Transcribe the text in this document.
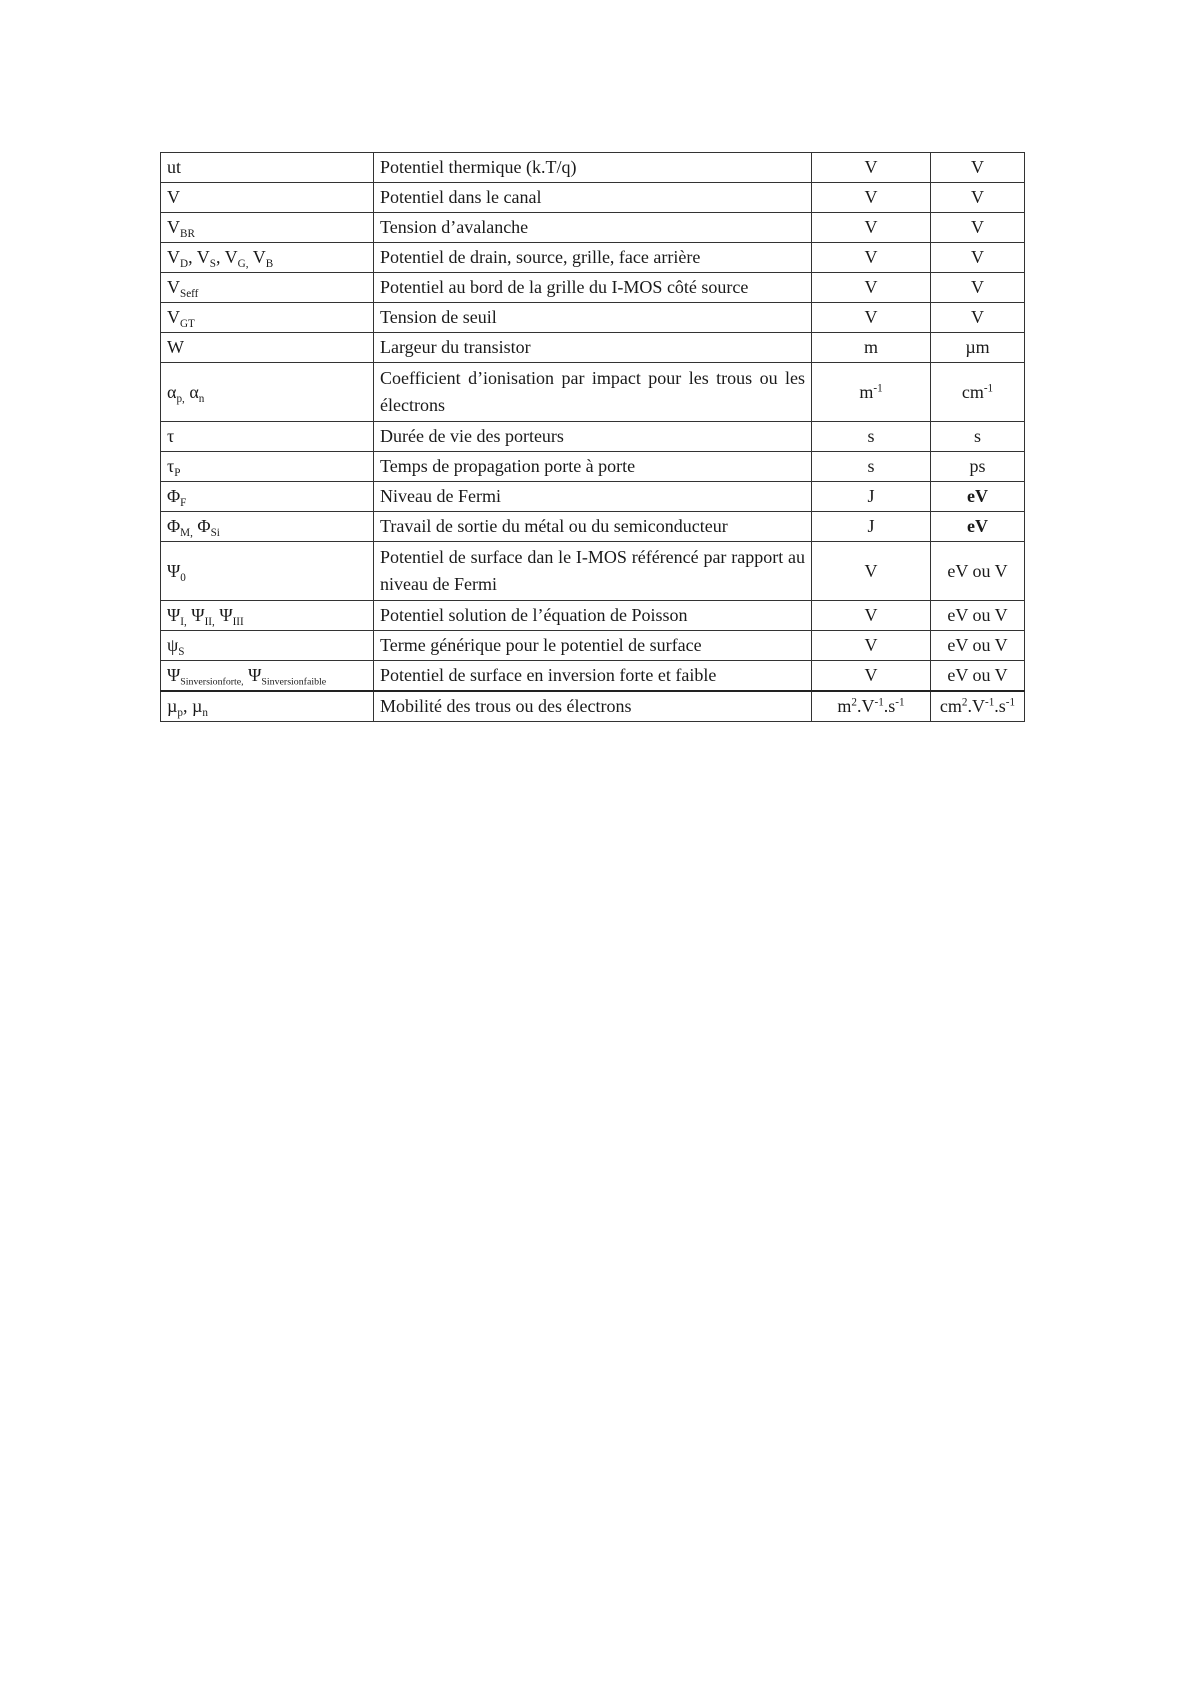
ut	Potentiel thermique (k.T/q)	V	V
V	Potentiel dans le canal	V	V
$V_{BR}$	Tension d’avalanche	V	V
$V_D$, $V_S$, $V_{G,}$ $V_B$	Potentiel de drain, source, grille, face arrière	V	V
$V_{Seff}$	Potentiel au bord de la grille du I-MOS côté source	V	V
$V_{GT}$	Tension de seuil	V	V
W	Largeur du transistor	m	µm
$\alpha_{p,}$ $\alpha_n$	Coefficient d’ionisation par impact pour les trous ou les électrons	$m^{-1}$	$cm^{-1}$
τ	Durée de vie des porteurs	s	s
$\tau_P$	Temps de propagation porte à porte	s	ps
$\Phi_F$	Niveau de Fermi	J	eV
$\Phi_{M,}$ $\Phi_{Si}$	Travail de sortie du métal ou du semiconducteur	J	eV
$\Psi_0$	Potentiel de surface dan le I-MOS référencé par rapport au niveau de Fermi	V	eV ou V
$\Psi_{I,}$ $\Psi_{II,}$ $\Psi_{III}$	Potentiel solution de l’équation de Poisson	V	eV ou V
$\psi_S$	Terme générique pour le potentiel de surface	V	eV ou V
$\Psi_{Sinversionforte,}$ $\Psi_{Sinversionfaible}$	Potentiel de surface en inversion forte et faible	V	eV ou V
µ$_p$, µ$_n$	Mobilité des trous ou des électrons	$m^2.V^{-1}.s^{-1}$	$cm^2.V^{-1}.s^{-1}$
